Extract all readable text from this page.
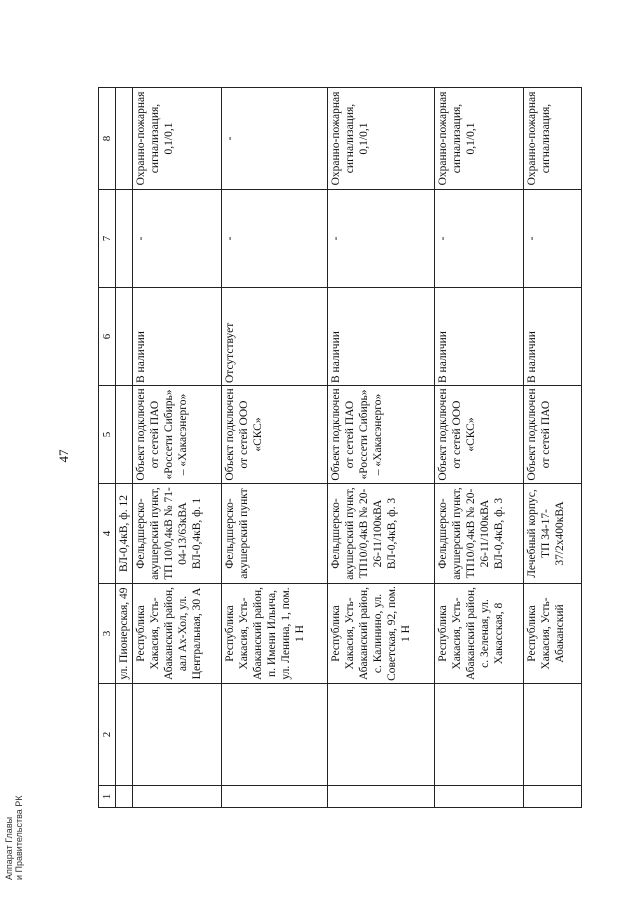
47
1	2	3	4	5	6	7	8
		ул. Пионерская, 49	ВЛ-0,4кВ, ф. 12				
		Республика Хакасия, Усть-Абаканский район, аал Ах-Хол, ул. Центральная, 30 А	Фельдшерско-акушерский пункт, ТП 10/0,4кВ № 71-04-13/63кВА ВЛ-0,4кВ, ф. 1	Объект подключен от сетей ПАО «Россети Сибирь» – «Хакасэнерго»	В наличии	-	Охранно-пожарная сигнализация, 0,1/0,1
		Республика Хакасия, Усть-Абаканский район, п. Имени Ильича, ул. Ленина, 1, пом. 1 Н	Фельдшерско-акушерский пункт	Объект подключен от сетей ООО «СКС»	Отсутствует	-	-
		Республика Хакасия, Усть-Абаканский район, с. Калинино, ул. Советская, 92, пом. 1 Н	Фельдшерско-акушерский пункт, ТП10/0,4кВ № 20-26-11/100кВА ВЛ-0,4кВ, ф. 3	Объект подключен от сетей ПАО «Россети Сибирь» – «Хакасэнерго»	В наличии	-	Охранно-пожарная сигнализация, 0,1/0,1
		Республика Хакасия, Усть-Абаканский район, с. Зеленая, ул. Хакасская, 8	Фельдшерско-акушерский пункт, ТП10/0,4кВ № 20-26-11/100кВА ВЛ-0,4кВ, ф. 3	Объект подключен от сетей ООО «СКС»	В наличии	-	Охранно-пожарная сигнализация, 0,1/0,1
		Республика Хакасия, Усть-Абаканский	Лечебный корпус, ТП 34-17-37/2х400кВА	Объект подключен от сетей ПАО	В наличии	-	Охранно-пожарная сигнализация,
Аппарат Главы и Правительства РК
